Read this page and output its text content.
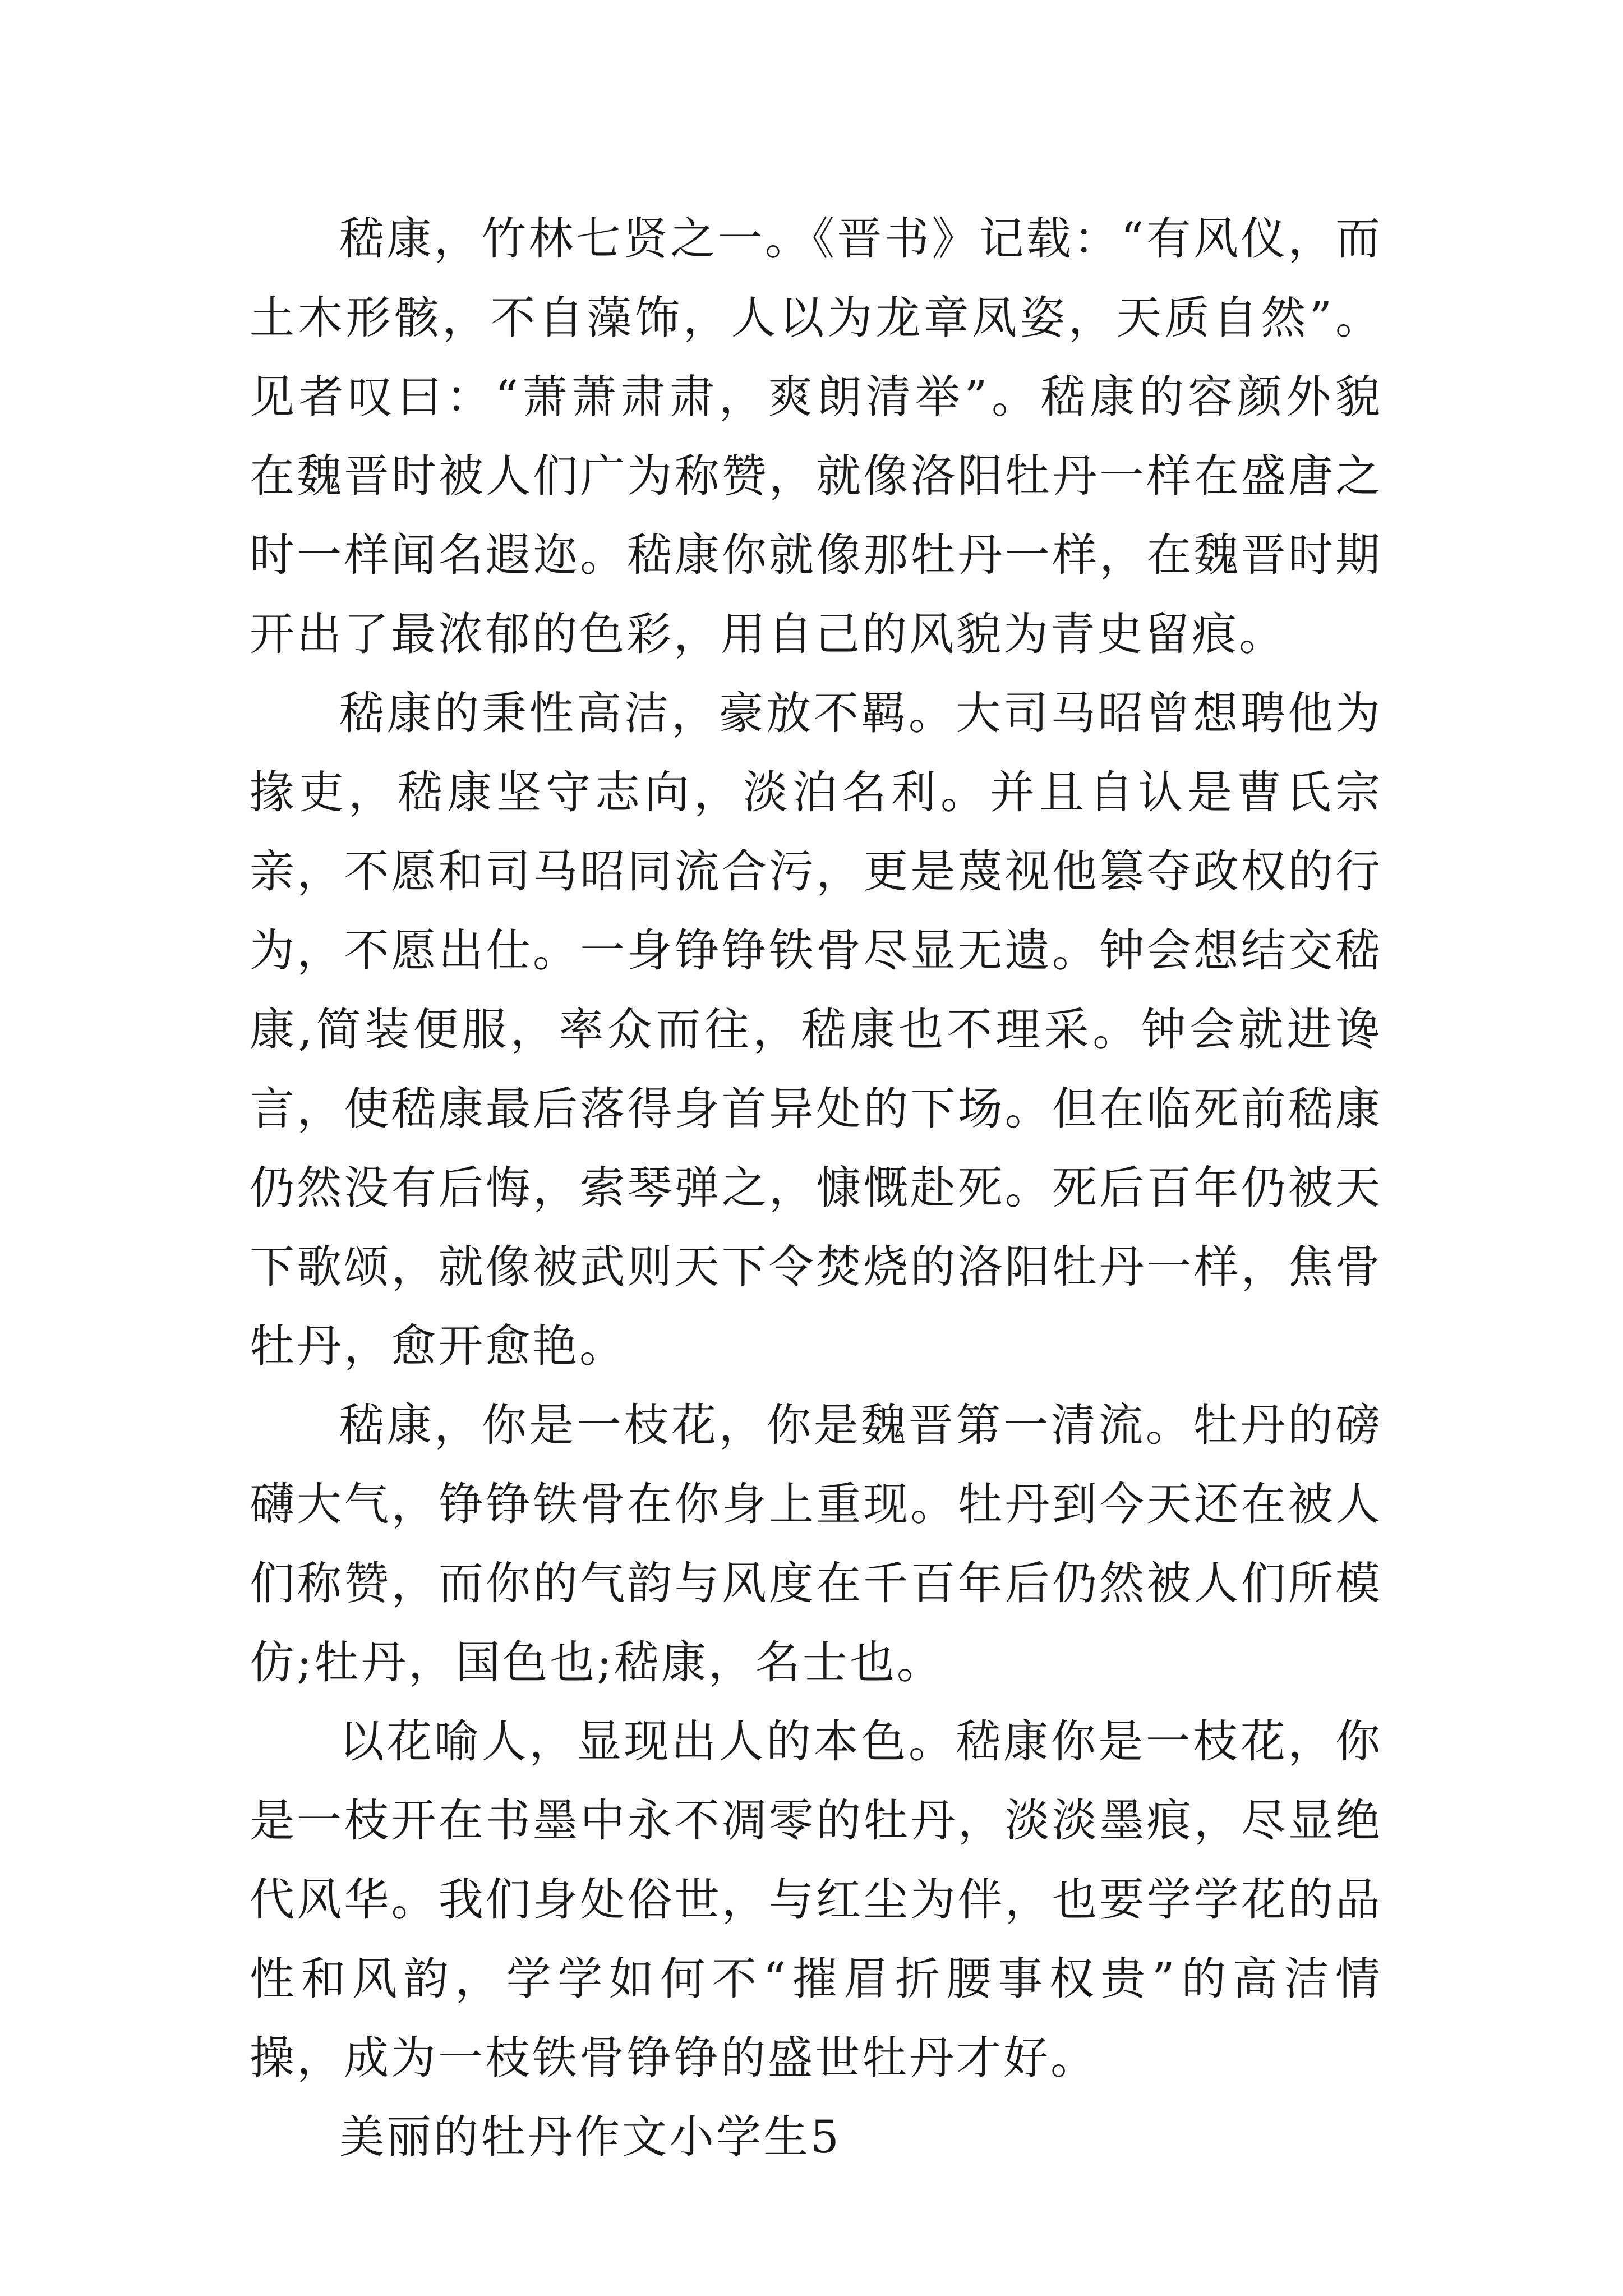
嵇康，竹林七贤之一。《晋书》记载：“有风仪，而土木形骸，不自藻饰，人以为龙章凤姿，天质自然”。见者叹曰：“萧萧肃肃，爽朗清举”。嵇康的容颜外貌在魏晋时被人们广为称赞，就像洛阳牡丹一样在盛唐之时一样闻名遐迩。嵇康你就像那牡丹一样，在魏晋时期开出了最浓郁的色彩，用自己的风貌为青史留痕。

嵇康的秉性高洁，豪放不羁。大司马昭曾想聘他为掾吏，嵇康坚守志向，淡泊名利。并且自认是曹氏宗亲，不愿和司马昭同流合污，更是蔑视他篡夺政权的行为，不愿出仕。一身铮铮铁骨尽显无遗。钟会想结交嵇康,简装便服，率众而往，嵇康也不理采。钟会就进谗言，使嵇康最后落得身首异处的下场。但在临死前嵇康仍然没有后悔，索琴弹之，慷慨赴死。死后百年仍被天下歌颂，就像被武则天下令焚烧的洛阳牡丹一样，焦骨牡丹，愈开愈艳。

嵇康，你是一枝花，你是魏晋第一清流。牡丹的磅礴大气，铮铮铁骨在你身上重现。牡丹到今天还在被人们称赞，而你的气韵与风度在千百年后仍然被人们所模仿;牡丹，国色也;嵇康，名士也。

以花喻人，显现出人的本色。嵇康你是一枝花，你是一枝开在书墨中永不凋零的牡丹，淡淡墨痕，尽显绝代风华。我们身处俗世，与红尘为伴，也要学学花的品性和风韵，学学如何不“摧眉折腰事权贵”的高洁情操，成为一枝铁骨铮铮的盛世牡丹才好。

美丽的牡丹作文小学生5
